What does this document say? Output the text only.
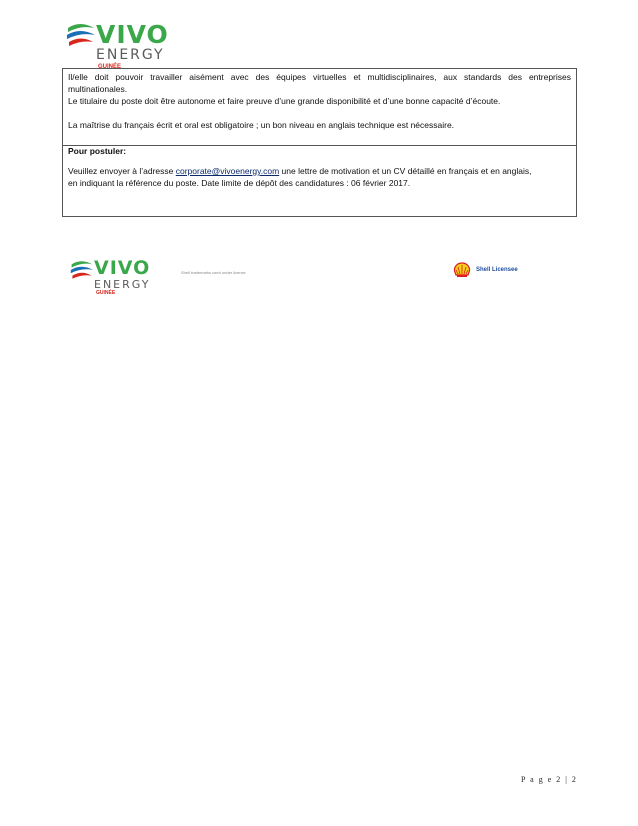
VIVO
ENERGY
GUINÉE

Il/elle doit pouvoir travailler aisément avec des équipes virtuelles et multidisciplinaires, aux standards des entreprises

multinationales.

Le titulaire du poste doit être autonome et faire preuve d’une grande disponibilité et d’une bonne capacité d’écoute.

La maîtrise du français écrit et oral est obligatoire ; un bon niveau en anglais technique est nécessaire.

Pour postuler:

Veuillez envoyer à l’adresse corporate@vivoenergy.com une lettre de motivation et un CV détaillé en français et en anglais,

en indiquant la référence du poste. Date limite de dépôt des candidatures : 06 février 2017.

VIVO
ENERGY
GUINÉE
Shell trademarks used under license	Shell Licensee
P a g e 2 | 2
